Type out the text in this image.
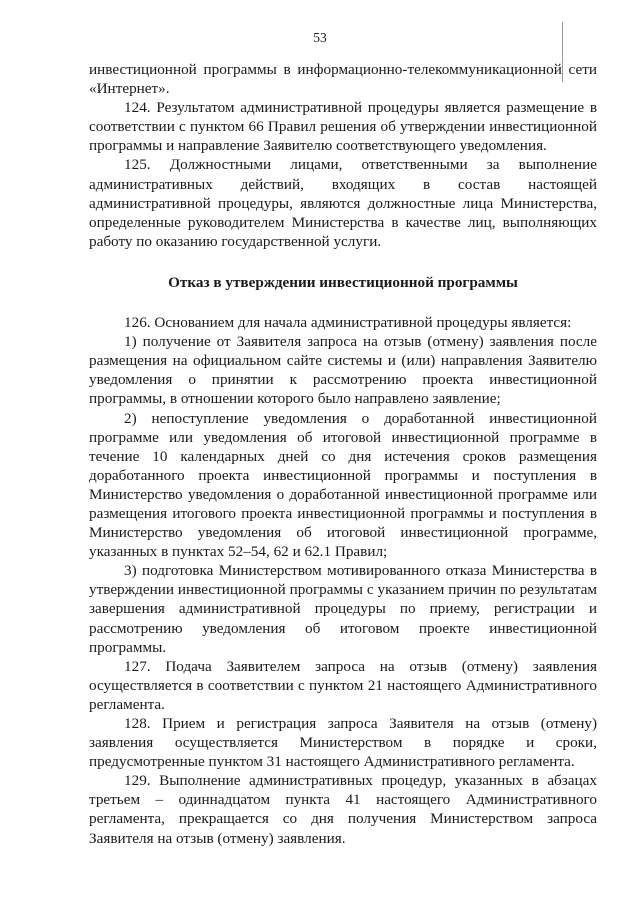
53

инвестиционной программы в информационно-телекоммуникационной сети «Интернет».

124. Результатом административной процедуры является размещение в соответствии с пунктом 66 Правил решения об утверждении инвестиционной программы и направление Заявителю соответствующего уведомления.

125. Должностными лицами, ответственными за выполнение административных действий, входящих в состав настоящей административной процедуры, являются должностные лица Министерства, определенные руководителем Министерства в качестве лиц, выполняющих работу по оказанию государственной услуги.

Отказ в утверждении инвестиционной программы

126. Основанием для начала административной процедуры является:

1) получение от Заявителя запроса на отзыв (отмену) заявления после размещения на официальном сайте системы и (или) направления Заявителю уведомления о принятии к рассмотрению проекта инвестиционной программы, в отношении которого было направлено заявление;

2) непоступление уведомления о доработанной инвестиционной программе или уведомления об итоговой инвестиционной программе в течение 10 календарных дней со дня истечения сроков размещения доработанного проекта инвестиционной программы и поступления в Министерство уведомления о доработанной инвестиционной программе или размещения итогового проекта инвестиционной программы и поступления в Министерство уведомления об итоговой инвестиционной программе, указанных в пунктах 52–54, 62 и 62.1 Правил;

3) подготовка Министерством мотивированного отказа Министерства в утверждении инвестиционной программы с указанием причин по результатам завершения административной процедуры по приему, регистрации и рассмотрению уведомления об итоговом проекте инвестиционной программы.

127. Подача Заявителем запроса на отзыв (отмену) заявления осуществляется в соответствии с пунктом 21 настоящего Административного регламента.

128. Прием и регистрация запроса Заявителя на отзыв (отмену) заявления осуществляется Министерством в порядке и сроки, предусмотренные пунктом 31 настоящего Административного регламента.

129. Выполнение административных процедур, указанных в абзацах третьем – одиннадцатом пункта 41 настоящего Административного регламента, прекращается со дня получения Министерством запроса Заявителя на отзыв (отмену) заявления.
